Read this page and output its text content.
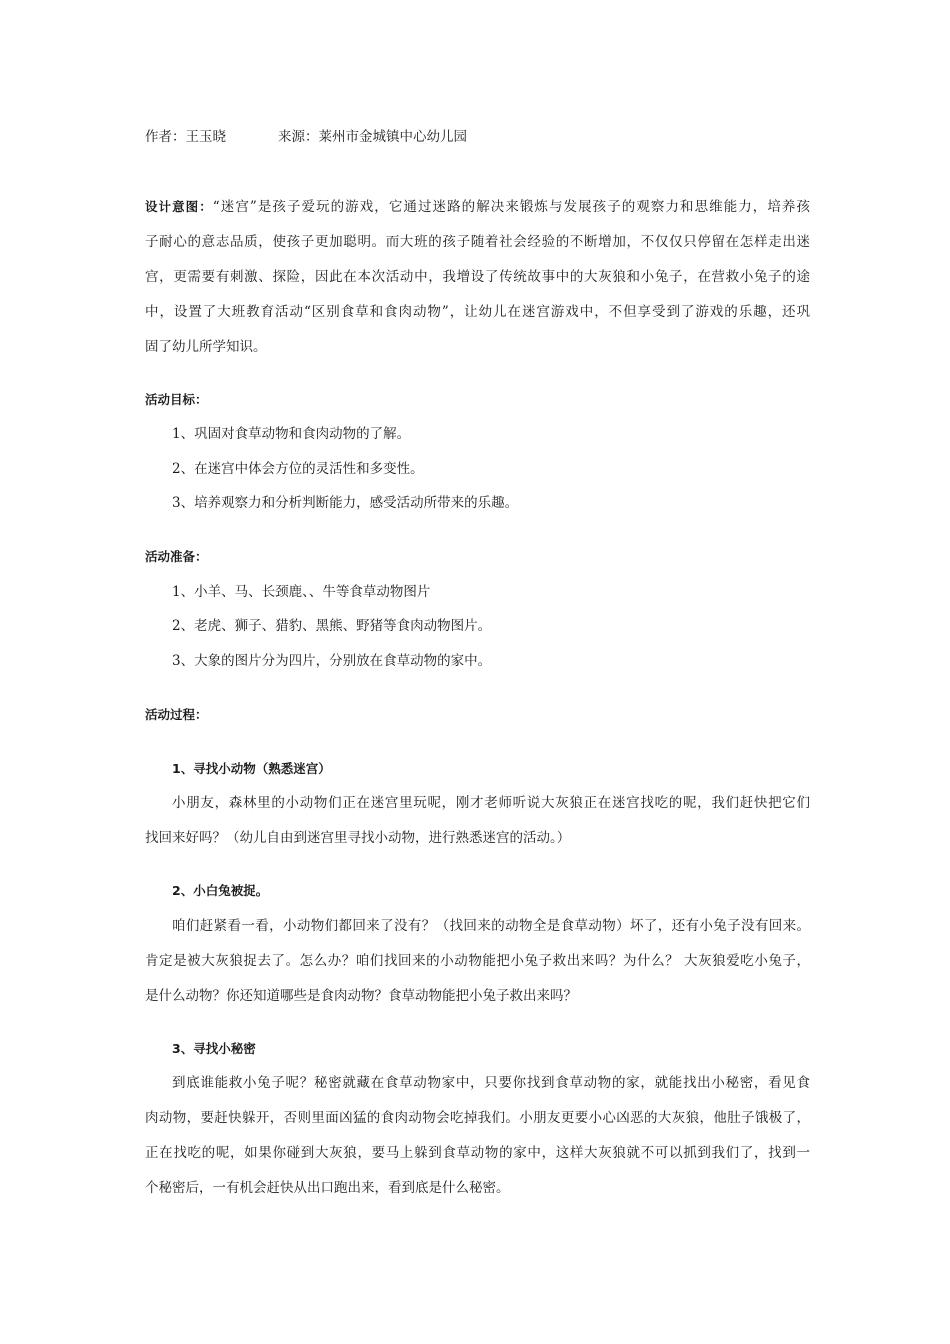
作者：王玉晓	来源：莱州市金城镇中心幼儿园
设计意图：“迷宫”是孩子爱玩的游戏，它通过迷路的解决来锻炼与发展孩子的观察力和思维能力，培养孩
子耐心的意志品质，使孩子更加聪明。而大班的孩子随着社会经验的不断增加，不仅仅只停留在怎样走出迷
宫，更需要有刺激、探险，因此在本次活动中，我增设了传统故事中的大灰狼和小兔子，在营救小兔子的途
中，设置了大班教育活动“区别食草和食肉动物”，让幼儿在迷宫游戏中，不但享受到了游戏的乐趣，还巩
固了幼儿所学知识。
活动目标：
1、巩固对食草动物和食肉动物的了解。
2、在迷宫中体会方位的灵活性和多变性。
3、培养观察力和分析判断能力，感受活动所带来的乐趣。
活动准备：
1、小羊、马、长颈鹿、、牛等食草动物图片
2、老虎、狮子、猎豹、黑熊、野猪等食肉动物图片。
3、大象的图片分为四片，分别放在食草动物的家中。
活动过程：
1、寻找小动物（熟悉迷宫）
小朋友，森林里的小动物们正在迷宫里玩呢，刚才老师听说大灰狼正在迷宫找吃的呢，我们赶快把它们
找回来好吗？（幼儿自由到迷宫里寻找小动物，进行熟悉迷宫的活动。）
2、小白兔被捉。
咱们赶紧看一看，小动物们都回来了没有？（找回来的动物全是食草动物）坏了，还有小兔子没有回来。
肯定是被大灰狼捉去了。怎么办？咱们找回来的小动物能把小兔子救出来吗？为什么？ 大灰狼爱吃小兔子，
是什么动物？你还知道哪些是食肉动物？食草动物能把小兔子救出来吗？
3、寻找小秘密
到底谁能救小兔子呢？秘密就藏在食草动物家中，只要你找到食草动物的家，就能找出小秘密，看见食
肉动物，要赶快躲开，否则里面凶猛的食肉动物会吃掉我们。小朋友更要小心凶恶的大灰狼，他肚子饿极了，
正在找吃的呢，如果你碰到大灰狼，要马上躲到食草动物的家中，这样大灰狼就不可以抓到我们了，找到一
个秘密后，一有机会赶快从出口跑出来，看到底是什么秘密。
